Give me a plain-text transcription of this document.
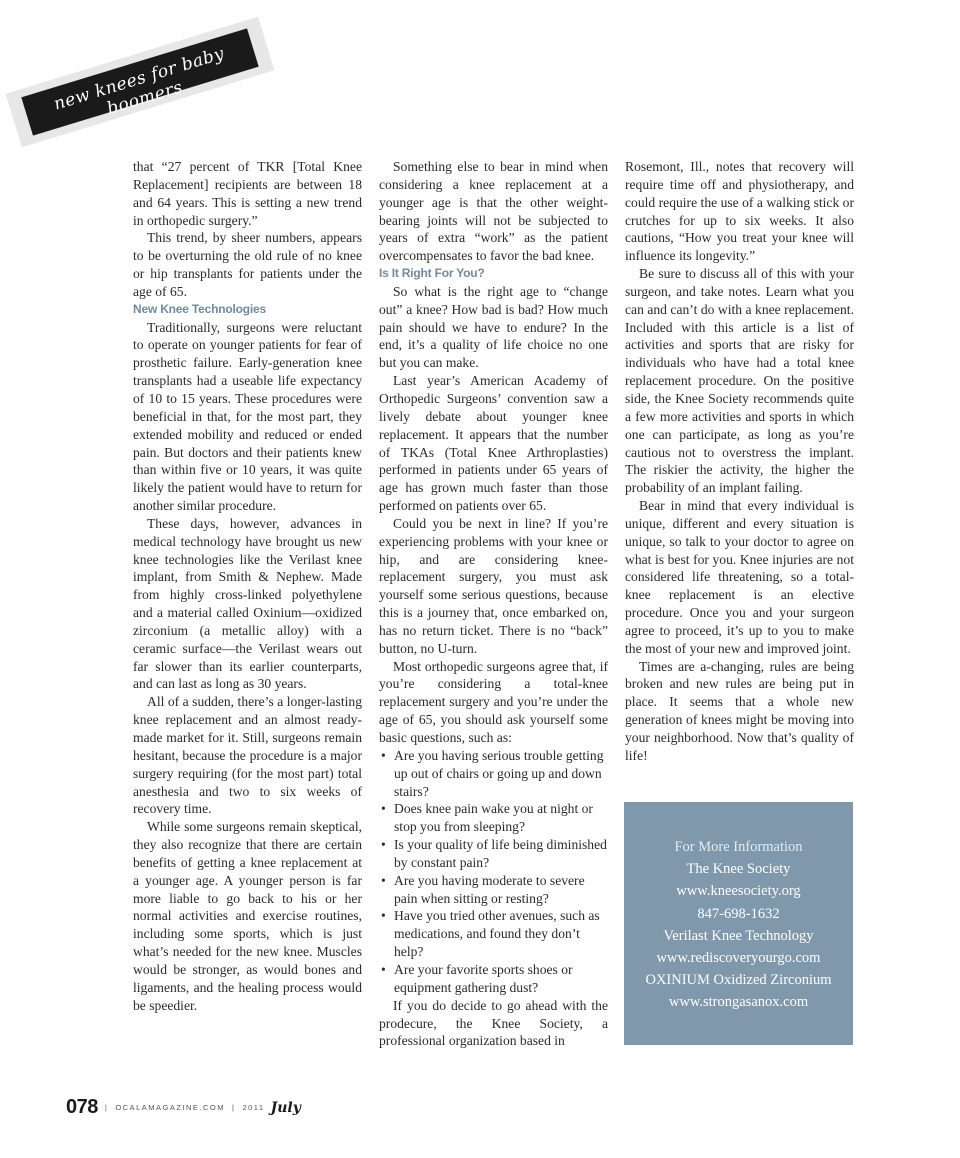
new knees for baby boomers

that “27 percent of TKR [Total Knee Replacement] recipients are between 18 and 64 years. This is setting a new trend in orthopedic surgery.”

This trend, by sheer numbers, appears to be overturning the old rule of no knee or hip transplants for patients under the age of 65.

New Knee Technologies

Traditionally, surgeons were reluctant to operate on younger patients for fear of prosthetic failure. Early-generation knee transplants had a useable life expectancy of 10 to 15 years. These procedures were beneficial in that, for the most part, they extended mobility and reduced or ended pain. But doctors and their patients knew than within five or 10 years, it was quite likely the patient would have to return for another similar procedure.

These days, however, advances in medical technology have brought us new knee technologies like the Verilast knee implant, from Smith & Nephew. Made from highly cross-linked polyethylene and a material called Oxinium—oxidized zirconium (a metallic alloy) with a ceramic surface—the Verilast wears out far slower than its earlier counterparts, and can last as long as 30 years.

All of a sudden, there’s a longer-lasting knee replacement and an almost ready-made market for it. Still, surgeons remain hesitant, because the procedure is a major surgery requiring (for the most part) total anesthesia and two to six weeks of recovery time.

While some surgeons remain skeptical, they also recognize that there are certain benefits of getting a knee replacement at a younger age. A younger person is far more liable to go back to his or her normal activities and exercise routines, including some sports, which is just what’s needed for the new knee. Muscles would be stronger, as would bones and ligaments, and the healing process would be speedier.

Something else to bear in mind when considering a knee replacement at a younger age is that the other weight-bearing joints will not be subjected to years of extra “work” as the patient overcompensates to favor the bad knee.

Is It Right For You?

So what is the right age to “change out” a knee? How bad is bad? How much pain should we have to endure? In the end, it’s a quality of life choice no one but you can make.

Last year’s American Academy of Orthopedic Surgeons’ convention saw a lively debate about younger knee replacement. It appears that the number of TKAs (Total Knee Arthroplasties) performed in patients under 65 years of age has grown much faster than those performed on patients over 65.

Could you be next in line? If you’re experiencing problems with your knee or hip, and are considering knee-replacement surgery, you must ask yourself some serious questions, because this is a journey that, once embarked on, has no return ticket. There is no “back” button, no U-turn.

Most orthopedic surgeons agree that, if you’re considering a total-knee replacement surgery and you’re under the age of 65, you should ask yourself some basic questions, such as:

• Are you having serious trouble getting up out of chairs or going up and down stairs?
• Does knee pain wake you at night or stop you from sleeping?
• Is your quality of life being diminished by constant pain?
• Are you having moderate to severe pain when sitting or resting?
• Have you tried other avenues, such as medications, and found they don’t help?
• Are your favorite sports shoes or equipment gathering dust?

If you do decide to go ahead with the prodecure, the Knee Society, a professional organization based in

Rosemont, Ill., notes that recovery will require time off and physiotherapy, and could require the use of a walking stick or crutches for up to six weeks. It also cautions, “How you treat your knee will influence its longevity.”

Be sure to discuss all of this with your surgeon, and take notes. Learn what you can and can’t do with a knee replacement. Included with this article is a list of activities and sports that are risky for individuals who have had a total knee replacement procedure. On the positive side, the Knee Society recommends quite a few more activities and sports in which one can participate, as long as you’re cautious not to overstress the implant. The riskier the activity, the higher the probability of an implant failing.

Bear in mind that every individual is unique, different and every situation is unique, so talk to your doctor to agree on what is best for you. Knee injuries are not considered life threatening, so a total-knee replacement is an elective procedure. Once you and your surgeon agree to proceed, it’s up to you to make the most of your new and improved joint.

Times are a-changing, rules are being broken and new rules are being put in place. It seems that a whole new generation of knees might be moving into your neighborhood. Now that’s quality of life!

For More Information
The Knee Society
www.kneesociety.org
847-698-1632
Verilast Knee Technology
www.rediscoveryourgo.com
OXINIUM Oxidized Zirconium
www.strongasanox.com
078 | OCALAMAGAZINE.COM | 2011 July
